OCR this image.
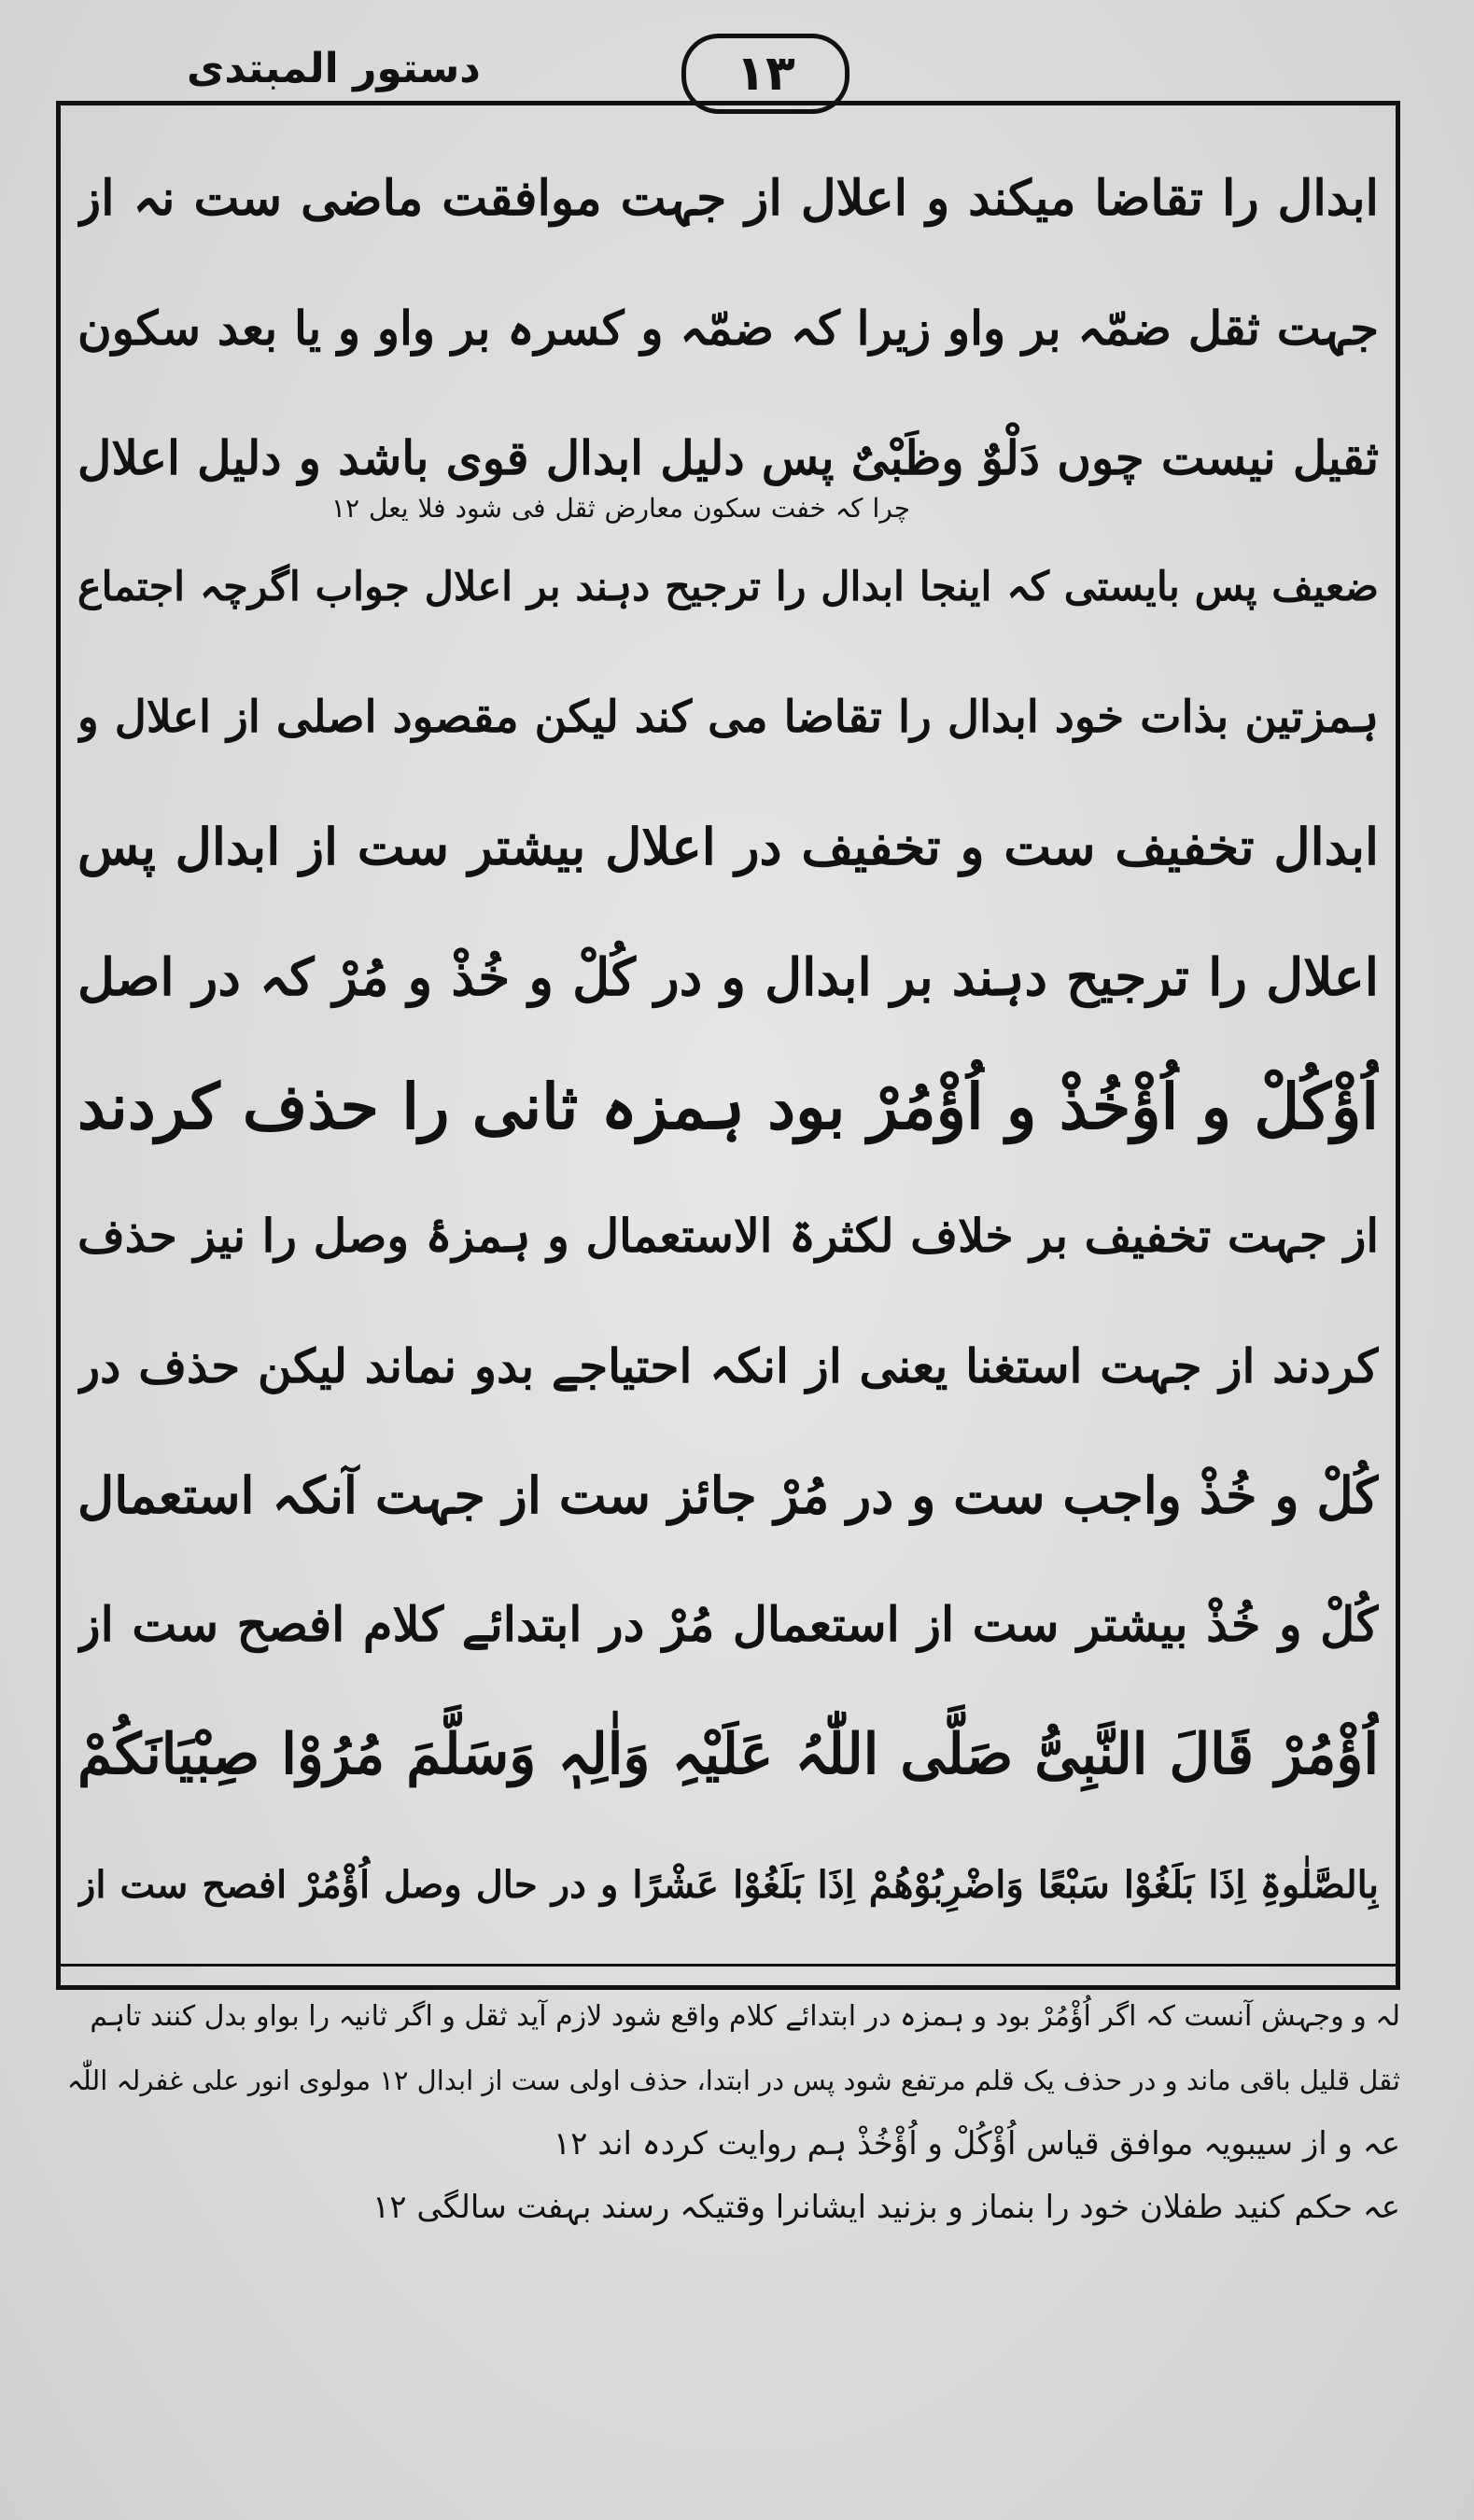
دستور المبتدی	۱۳
ابدال را تقاضا میکند و اعلال از جہت موافقت ماضی ست نہ از
جہت ثقل ضمّہ بر واو زیرا کہ ضمّہ و کسرہ بر واو و یا بعد سکون
ثقیل نیست چوں دَلْوٌ وظَبْیٌ پس دلیل ابدال قوی باشد و دلیل اعلال
ضعیف پس بایستی کہ اینجا ابدال را ترجیح دہند بر اعلال جواب اگرچہ اجتماع
ہمزتین بذات خود ابدال را تقاضا می کند لیکن مقصود اصلی از اعلال و
ابدال تخفیف ست و تخفیف در اعلال بیشتر ست از ابدال پس
اعلال را ترجیح دہند بر ابدال و در کُلْ و خُذْ و مُرْ کہ در اصل
اُؤْکُلْ و اُؤْخُذْ و اُؤْمُرْ بود ہمزہ ثانی را حذف کردند
از جہت تخفیف بر خلاف لکثرۃ الاستعمال و ہمزۂ وصل را نیز حذف
کردند از جہت استغنا یعنی از انکہ احتیاجے بدو نماند لیکن حذف در
کُلْ و خُذْ واجب ست و در مُرْ جائز ست از جہت آنکہ استعمال
کُلْ و خُذْ بیشتر ست از استعمال مُرْ در ابتدائے کلام افصح ست از
اُؤْمُرْ قَالَ النَّبِیُّ صَلَّی اللّٰہُ عَلَیْہِ وَاٰلِہٖ وَسَلَّمَ مُرُوْا صِبْیَانَکُمْ
بِالصَّلٰوۃِ اِذَا بَلَغُوْا سَبْعًا وَاضْرِبُوْھُمْ اِذَا بَلَغُوْا عَشْرًا و در حال وصل اُؤْمُرْ افصح ست از
چرا کہ خفت سکون معارض ثقل فی شود فلا یعل ۱۲
لہ و وجہش آنست کہ اگر اُؤْمُرْ بود و ہمزہ در ابتدائے کلام واقع شود لازم آید ثقل و اگر ثانیہ را بواو بدل کنند تاہم
ثقل قلیل باقی ماند و در حذف یک قلم مرتفع شود پس در ابتدا، حذف اولی ست از ابدال ۱۲ مولوی انور علی غفرلہ اللّٰہ
عہ و از سیبویہ موافق قیاس اُؤْکُلْ و اُؤْخُذْ ہم روایت کردہ اند ۱۲
عہ حکم کنید طفلان خود را بنماز و بزنید ایشانرا وقتیکہ رسند بہفت سالگی ۱۲
